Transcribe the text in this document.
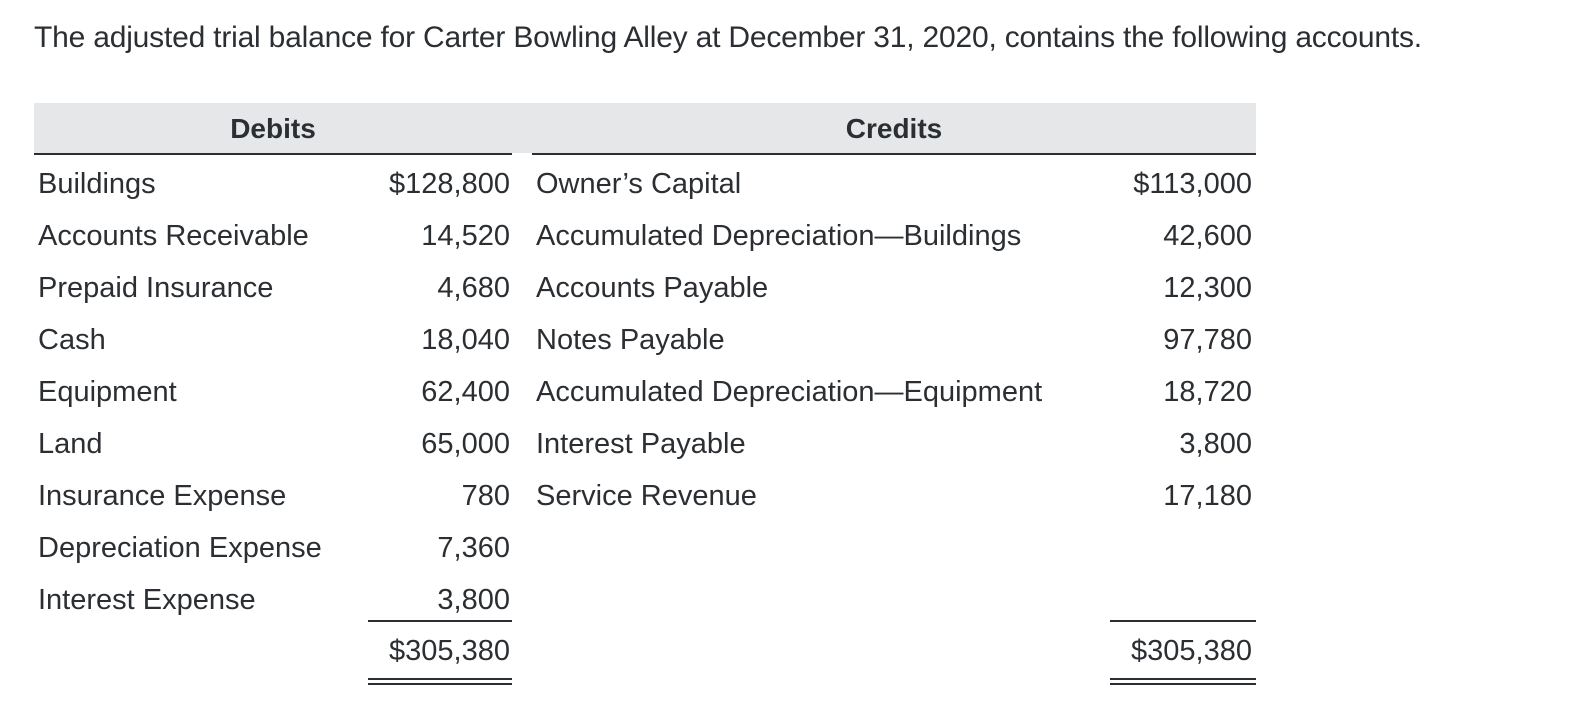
The adjusted trial balance for Carter Bowling Alley at December 31, 2020, contains the following accounts.
Debits	Credits
Buildings	$128,800 Owner’s Capital	$113,000
Accounts Receivable	14,520 Accumulated Depreciation—Buildings	42,600
Prepaid Insurance	4,680 Accounts Payable	12,300
Cash	18,040 Notes Payable	97,780
Equipment	62,400 Accumulated Depreciation—Equipment	18,720
Land	65,000 Interest Payable	3,800
Insurance Expense	780 Service Revenue	17,180
Depreciation Expense	7,360
Interest Expense	3,800
$305,380	$305,380
